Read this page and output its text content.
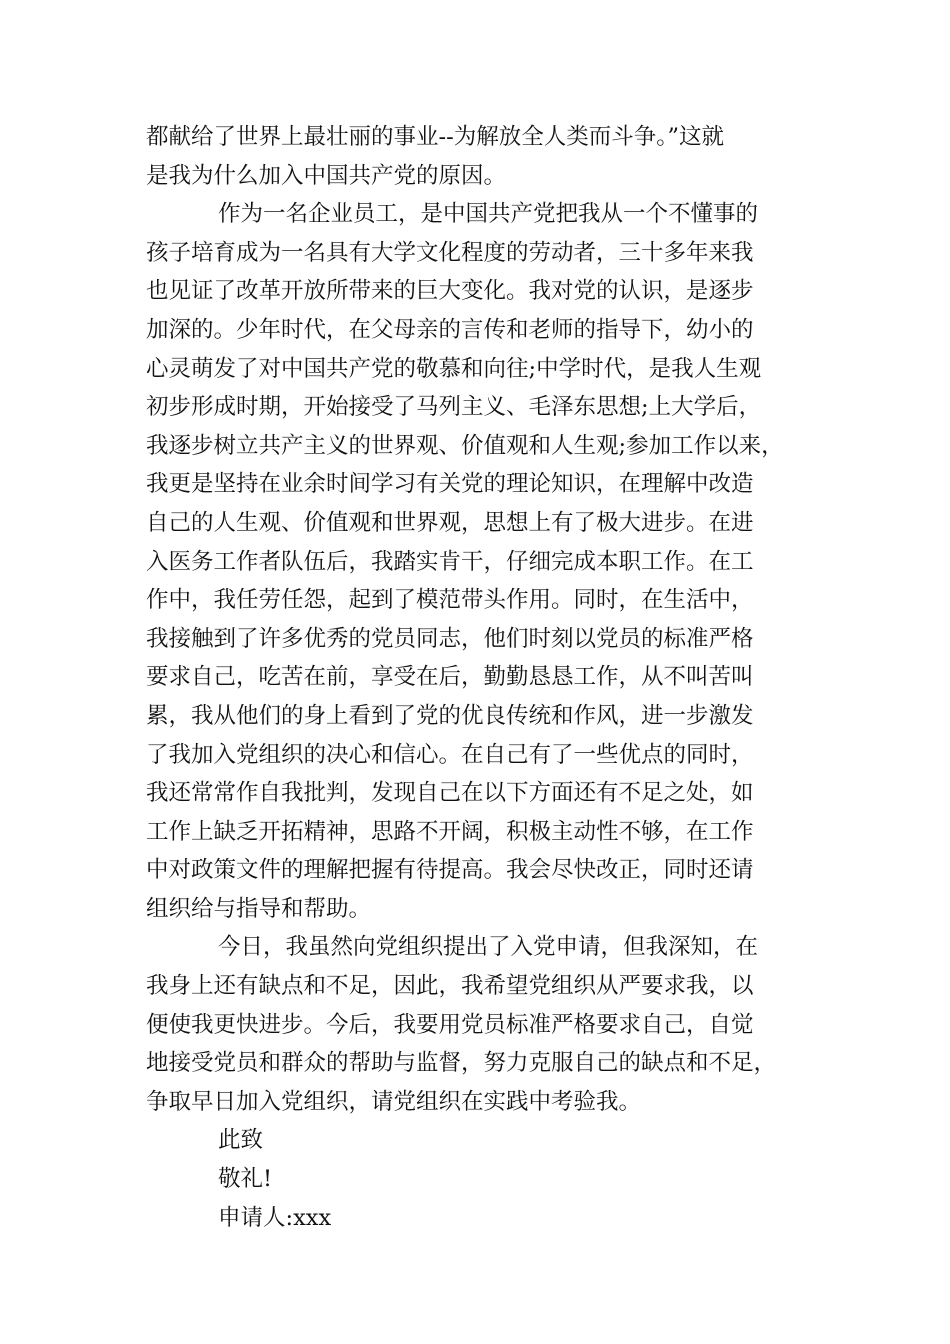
都献给了世界上最壮丽的事业--为解放全人类而斗争。”这就
是我为什么加入中国共产党的原因。
作为一名企业员工，是中国共产党把我从一个不懂事的
孩子培育成为一名具有大学文化程度的劳动者，三十多年来我
也见证了改革开放所带来的巨大变化。我对党的认识，是逐步
加深的。少年时代，在父母亲的言传和老师的指导下，幼小的
心灵萌发了对中国共产党的敬慕和向往;中学时代，是我人生观
初步形成时期，开始接受了马列主义、毛泽东思想;上大学后，
我逐步树立共产主义的世界观、价值观和人生观;参加工作以来，
我更是坚持在业余时间学习有关党的理论知识，在理解中改造
自己的人生观、价值观和世界观，思想上有了极大进步。在进
入医务工作者队伍后，我踏实肯干，仔细完成本职工作。在工
作中，我任劳任怨，起到了模范带头作用。同时，在生活中，
我接触到了许多优秀的党员同志，他们时刻以党员的标准严格
要求自己，吃苦在前，享受在后，勤勤恳恳工作，从不叫苦叫
累，我从他们的身上看到了党的优良传统和作风，进一步激发
了我加入党组织的决心和信心。在自己有了一些优点的同时，
我还常常作自我批判，发现自己在以下方面还有不足之处，如
工作上缺乏开拓精神，思路不开阔，积极主动性不够，在工作
中对政策文件的理解把握有待提高。我会尽快改正，同时还请
组织给与指导和帮助。
今日，我虽然向党组织提出了入党申请，但我深知，在
我身上还有缺点和不足，因此，我希望党组织从严要求我，以
便使我更快进步。今后，我要用党员标准严格要求自己，自觉
地接受党员和群众的帮助与监督，努力克服自己的缺点和不足，
争取早日加入党组织，请党组织在实践中考验我。
此致
敬礼!
申请人:xxx
